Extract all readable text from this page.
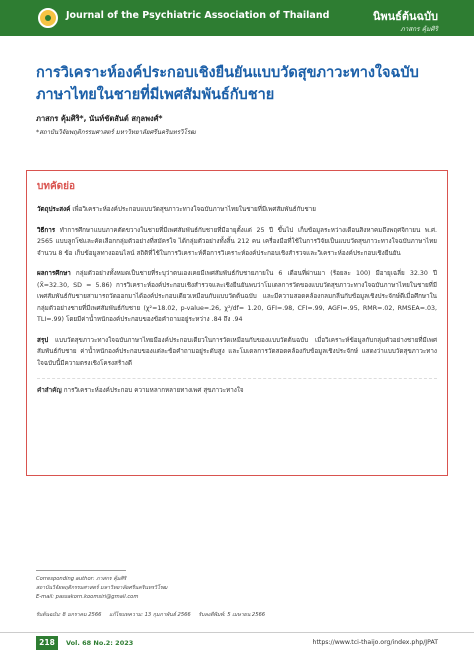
Journal of the Psychiatric Association of Thailand	นิพนธ์ต้นฉบับ
ภาสกร คุ้มศิริ
การวิเคราะห์องค์ประกอบเชิงยืนยันแบบวัดสุขภาวะทางใจฉบับภาษาไทยในชายที่มีเพศสัมพันธ์กับชาย
ภาสกร คุ้มศิริ*, นันท์ชัตสันต์ สกุลพงศ์*
*สถาบันวิจัยพฤติกรรมศาสตร์ มหาวิทยาลัยศรีนครินทรวิโรฒ
บทคัดย่อ

วัตถุประสงค์ เพื่อวิเคราะห์องค์ประกอบแบบวัดสุขภาวะทางใจฉบับภาษาไทยในชายที่มีเพศสัมพันธ์กับชาย

วิธีการ ทำการศึกษาแบบภาคตัดขวางในชายที่มีเพศสัมพันธ์กับชายที่มีอายุตั้งแต่ 25 ปี ขึ้นไป เก็บข้อมูลระหว่างเดือนสิงหาคมถึงพฤศจิกายน พ.ศ. 2565 แบบลูกโซ่และคัดเลือกกลุ่มตัวอย่างที่สมัครใจ ได้กลุ่มตัวอย่างทั้งสิ้น 212 คน เครื่องมือที่ใช้ในการวิจัยเป็นแบบวัดสุขภาวะทางใจฉบับภาษาไทยจำนวน 8 ข้อ เก็บข้อมูลทางออนไลน์ สถิติที่ใช้ในการวิเคราะห์คือการวิเคราะห์องค์ประกอบเชิงสำรวจและวิเคราะห์องค์ประกอบเชิงยืนยัน

ผลการศึกษา กลุ่มตัวอย่างทั้งหมดเป็นชายที่ระบุว่าตนเองเคยมีเพศสัมพันธ์กับชายภายใน 6 เดือนที่ผ่านมา (ร้อยละ 100) มีอายุเฉลี่ย 32.30 ปี (X̄=32.30, SD = 5.86) การวิเคราะห์องค์ประกอบเชิงสำรวจและเชิงยืนยันพบว่าโมเดลการวัดของแบบวัดสุขภาวะทางใจฉบับภาษาไทยในชายที่มีเพศสัมพันธ์กับชายสามารถวัดออกมาได้องค์ประกอบเดียวเหมือนกับแบบวัดต้นฉบับ และมีความสอดคล้องกลมกลืนกับข้อมูลเชิงประจักษ์ดีเมื่อศึกษาในกลุ่มตัวอย่างชายที่มีเพศสัมพันธ์กับชาย (χ²=18.02, p-value=.26, χ²/df= 1.20, GFI=.98, CFI=.99, AGFI=.95, RMR=.02, RMSEA=.03, TLI=.99) โดยมีค่าน้ำหนักองค์ประกอบของข้อคำถามอยู่ระหว่าง .84 ถึง .94

สรุป แบบวัดสุขภาวะทางใจฉบับภาษาไทยมีองค์ประกอบเดียวในการวัดเหมือนกับของแบบวัดต้นฉบับ เมื่อวิเคราะห์ข้อมูลกับกลุ่มตัวอย่างชายที่มีเพศสัมพันธ์กับชาย ค่าน้ำหนักองค์ประกอบของแต่ละข้อคำถามอยู่ระดับสูง และโมเดลการวัดสอดคล้องกับข้อมูลเชิงประจักษ์ แสดงว่าแบบวัดสุขภาวะทางใจฉบับนี้มีความตรงเชิงโครงสร้างดี

คำสำคัญ การวิเคราะห์องค์ประกอบ ความหลากหลายทางเพศ สุขภาวะทางใจ

Corresponding author: ภาสกร คุ้มศิริ
สถาบันวิจัยพฤติกรรมศาสตร์ มหาวิทยาลัยศรีนครินทรวิโรฒ
E-mail: passakorn.koomsiri@gmail.com
รับต้นฉบับ: 8 มกราคม 2566 แก้ไขบทความ: 13 กุมภาพันธ์ 2566 รับลงตีพิมพ์: 5 เมษายน 2566
218	Vol. 68 No.2: 2023	https://www.tci-thaijo.org/index.php/JPAT
